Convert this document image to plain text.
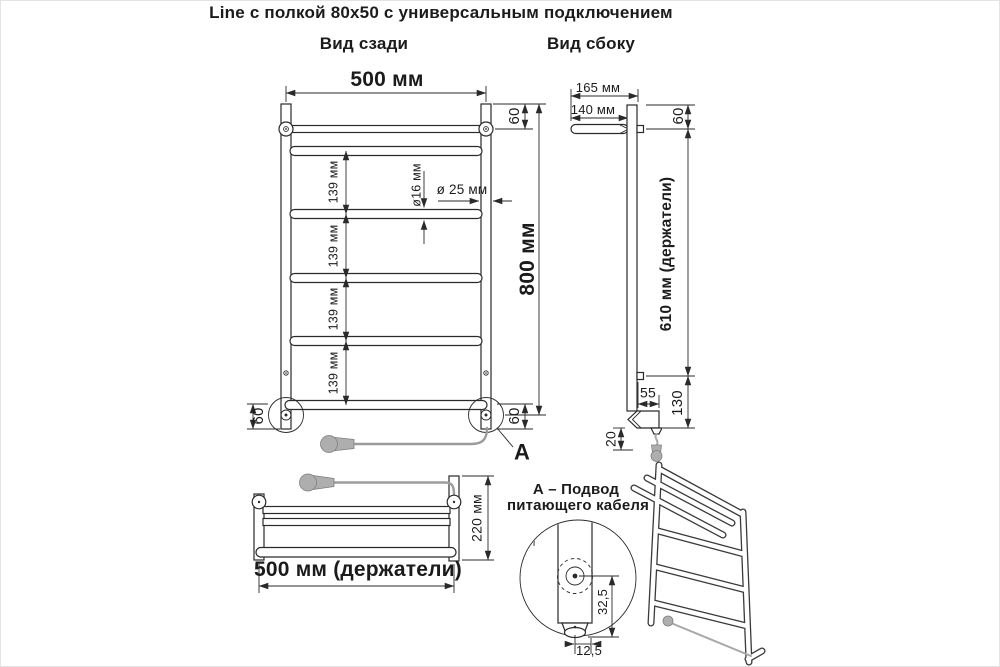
Line с полкой 80x50 с универсальным подключением
Вид сзади	Вид сбоку
500 мм
60
139 мм
139 мм
139 мм
139 мм
ø16 мм ø 25 мм
800 мм
60	60
А
165 мм
140 мм	60
610 мм (держатели)
55 130
20
220 мм
500 мм (держатели)
А – Подвод
питающего кабеля
32,5
12,5
